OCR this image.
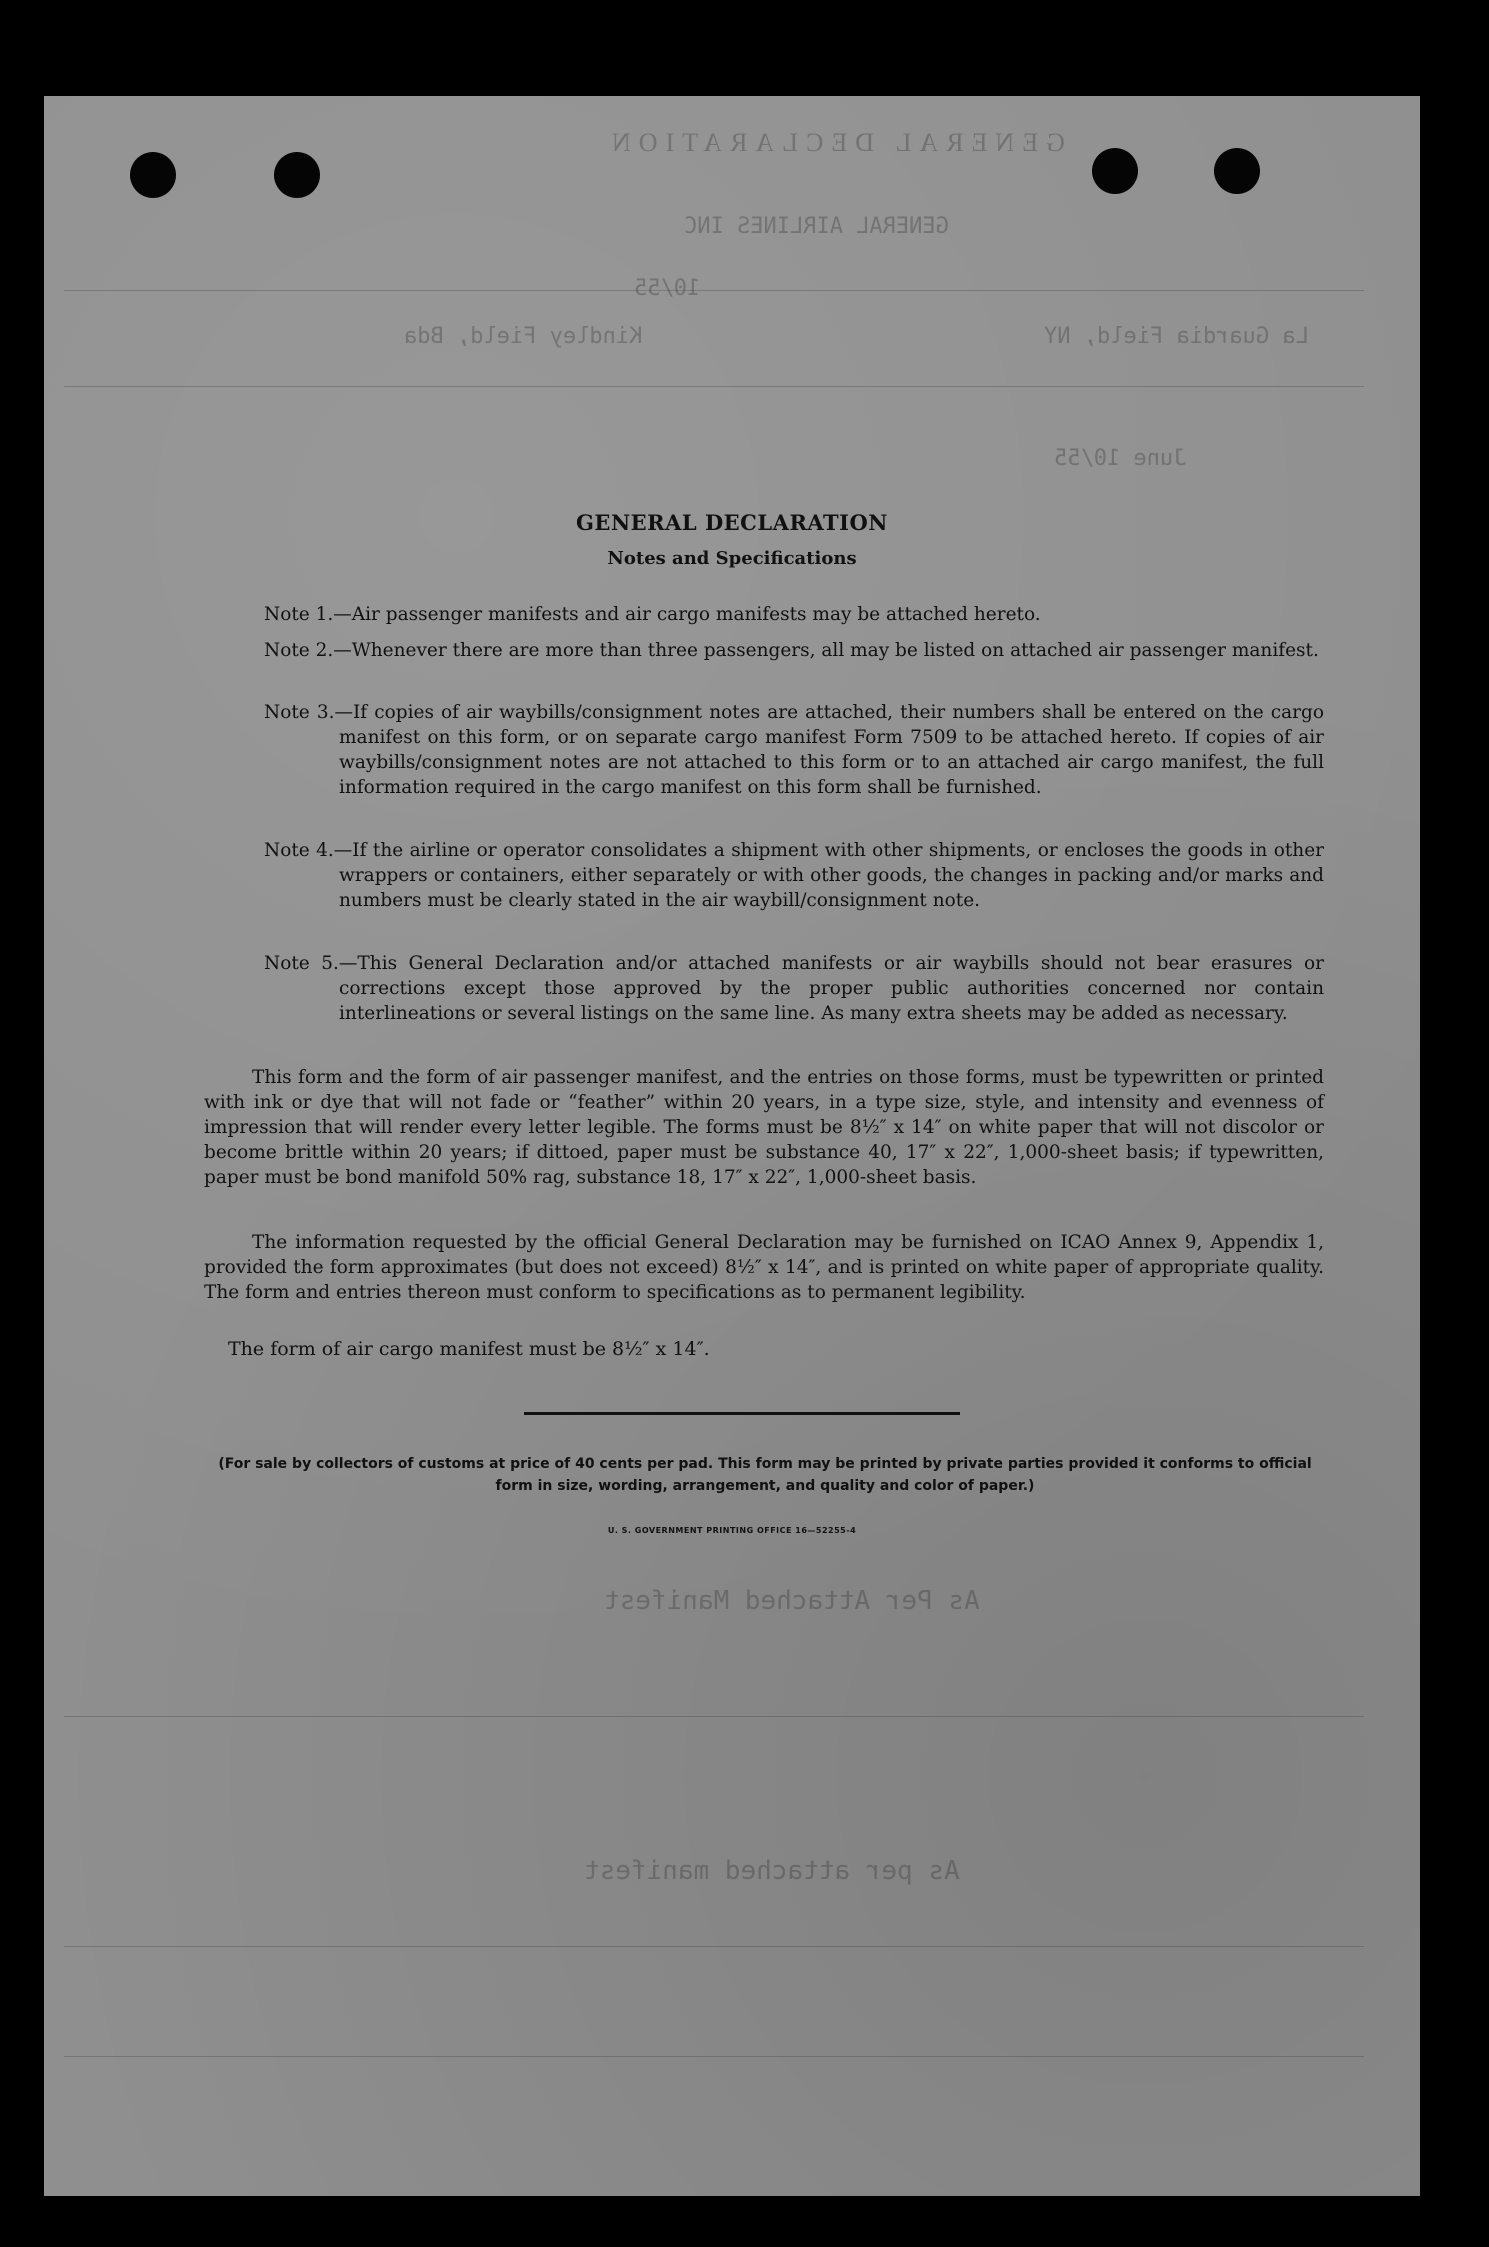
GENERAL DECLARATION
GENERAL AIRLINES INC
10/55
Kindley Field, Bda	La Guardia Field, NY
June 10/55
As Per Attached Manifest
As per attached manifest
GENERAL DECLARATION
Notes and Specifications
Note 1.—Air passenger manifests and air cargo manifests may be attached hereto.
Note 2.—Whenever there are more than three passengers, all may be listed on attached air passenger manifest.
Note 3.—If copies of air waybills/consignment notes are attached, their numbers shall be entered on the cargo manifest on this form, or on separate cargo manifest Form 7509 to be attached hereto. If copies of air waybills/consignment notes are not attached to this form or to an attached air cargo manifest, the full information required in the cargo manifest on this form shall be furnished.
Note 4.—If the airline or operator consolidates a shipment with other shipments, or encloses the goods in other wrappers or containers, either separately or with other goods, the changes in packing and/or marks and numbers must be clearly stated in the air waybill/consignment note.
Note 5.—This General Declaration and/or attached manifests or air waybills should not bear erasures or corrections except those approved by the proper public authorities concerned nor contain interlineations or several listings on the same line. As many extra sheets may be added as necessary.
This form and the form of air passenger manifest, and the entries on those forms, must be typewritten or printed with ink or dye that will not fade or “feather” within 20 years, in a type size, style, and intensity and evenness of impression that will render every letter legible. The forms must be 8½″ x 14″ on white paper that will not discolor or become brittle within 20 years; if dittoed, paper must be substance 40, 17″ x 22″, 1,000-sheet basis; if typewritten, paper must be bond manifold 50% rag, substance 18, 17″ x 22″, 1,000-sheet basis.
The information requested by the official General Declaration may be furnished on ICAO Annex 9, Appendix 1, provided the form approximates (but does not exceed) 8½″ x 14″, and is printed on white paper of appropriate quality. The form and entries thereon must conform to specifications as to permanent legibility.
The form of air cargo manifest must be 8½″ x 14″.
(For sale by collectors of customs at price of 40 cents per pad. This form may be printed by private parties provided it conforms to official form in size, wording, arrangement, and quality and color of paper.)
U. S. GOVERNMENT PRINTING OFFICE 16—52255-4
